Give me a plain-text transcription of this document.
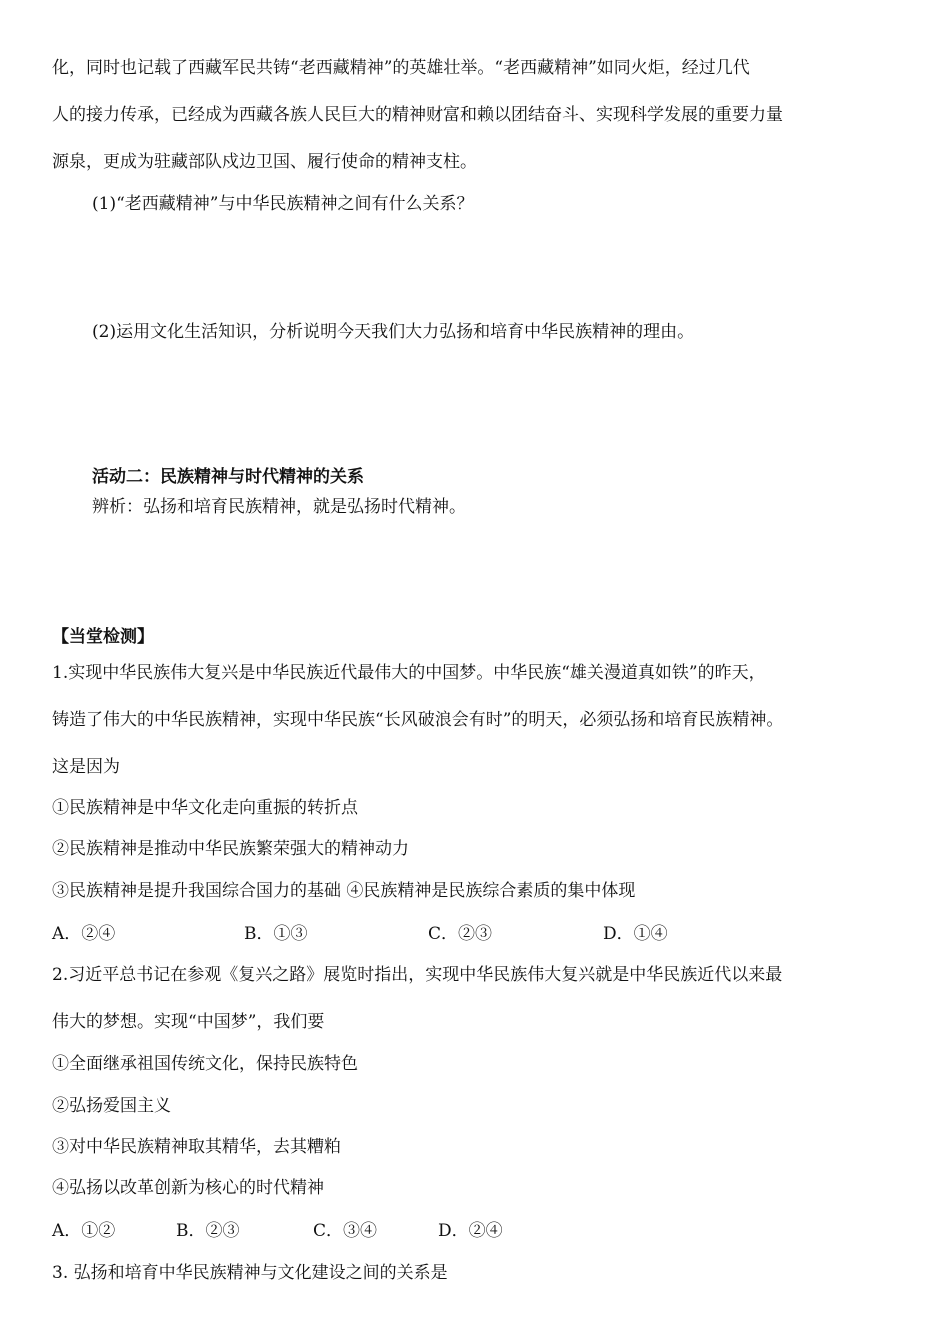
化，同时也记载了西藏军民共铸“老西藏精神”的英雄壮举。“老西藏精神”如同火炬，经过几代
人的接力传承，已经成为西藏各族人民巨大的精神财富和赖以团结奋斗、实现科学发展的重要力量
源泉，更成为驻藏部队戍边卫国、履行使命的精神支柱。
(1)“老西藏精神”与中华民族精神之间有什么关系？
(2)运用文化生活知识，分析说明今天我们大力弘扬和培育中华民族精神的理由。
活动二：民族精神与时代精神的关系
辨析：弘扬和培育民族精神，就是弘扬时代精神。
【当堂检测】
1.实现中华民族伟大复兴是中华民族近代最伟大的中国梦。中华民族“雄关漫道真如铁”的昨天，
铸造了伟大的中华民族精神，实现中华民族“长风破浪会有时”的明天，必须弘扬和培育民族精神。
这是因为
①民族精神是中华文化走向重振的转折点
②民族精神是推动中华民族繁荣强大的精神动力
③民族精神是提升我国综合国力的基础 ④民族精神是民族综合素质的集中体现
A．②④	B．①③	C．②③	D．①④
2.习近平总书记在参观《复兴之路》展览时指出，实现中华民族伟大复兴就是中华民族近代以来最
伟大的梦想。实现“中国梦”，我们要
①全面继承祖国传统文化，保持民族特色
②弘扬爱国主义
③对中华民族精神取其精华，去其糟粕
④弘扬以改革创新为核心的时代精神
A．①②	B．②③	C．③④	D．②④
3. 弘扬和培育中华民族精神与文化建设之间的关系是
